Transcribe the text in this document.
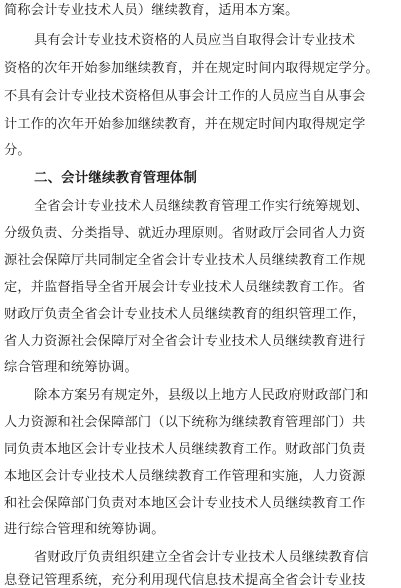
简称会计专业技术人员）继续教育，适用本方案。
具有会计专业技术资格的人员应当自取得会计专业技术
资格的次年开始参加继续教育，并在规定时间内取得规定学分。
不具有会计专业技术资格但从事会计工作的人员应当自从事会
计工作的次年开始参加继续教育，并在规定时间内取得规定学
分。
二、会计继续教育管理体制
全省会计专业技术人员继续教育管理工作实行统筹规划、
分级负责、分类指导、就近办理原则。省财政厅会同省人力资
源社会保障厅共同制定全省会计专业技术人员继续教育工作规
定，并监督指导全省开展会计专业技术人员继续教育工作。省
财政厅负责全省会计专业技术人员继续教育的组织管理工作，
省人力资源社会保障厅对全省会计专业技术人员继续教育进行
综合管理和统筹协调。
除本方案另有规定外，县级以上地方人民政府财政部门和
人力资源和社会保障部门（以下统称为继续教育管理部门）共
同负责本地区会计专业技术人员继续教育工作。财政部门负责
本地区会计专业技术人员继续教育工作管理和实施，人力资源
和社会保障部门负责对本地区会计专业技术人员继续教育工作
进行综合管理和统筹协调。
省财政厅负责组织建立全省会计专业技术人员继续教育信
息登记管理系统，充分利用现代信息技术提高全省会计专业技
